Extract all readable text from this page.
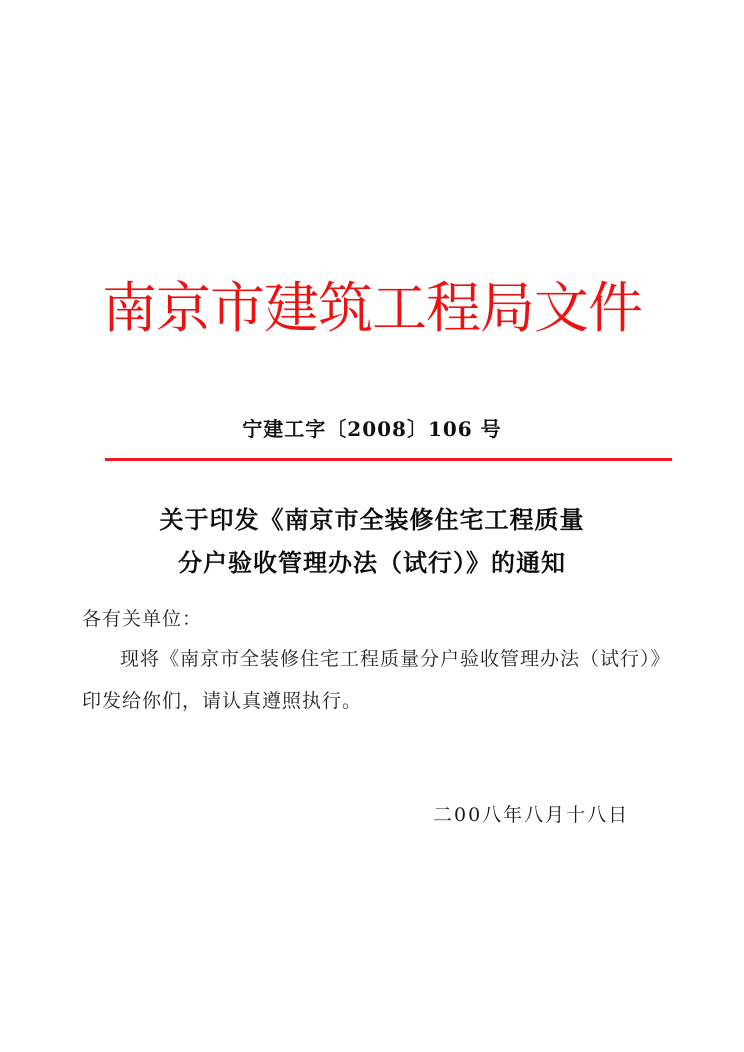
南京市建筑工程局文件
宁建工字〔2008〕106 号
关于印发《南京市全装修住宅工程质量
分户验收管理办法（试行）》的通知
各有关单位：
现将《南京市全装修住宅工程质量分户验收管理办法（试行）》
印发给你们，请认真遵照执行。
二00八年八月十八日
